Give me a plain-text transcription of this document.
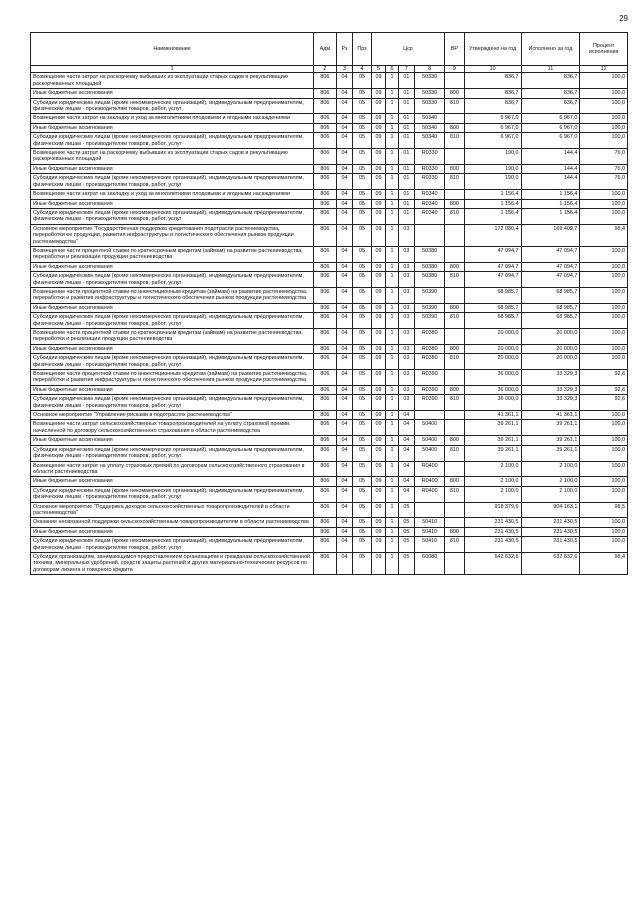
29
Наименование	Адм	Рз	Прз	Цср				ВР	Утверждено на год	Исполнено за год	Процент исполнения
1	2	3	4	5	6	7	8	9	10	11	12
Возмещение части затрат на раскорчевку выбывших из эксплуатации старых садов и рекультивацию раскорчеванных площадей	806	04	05	09	1	01	50330		836,7	836,7	100,0
Иные бюджетные ассигнования	806	04	05	09	1	01	50330	800	836,7	836,7	100,0
Субсидии юридическим лицам (кроме некоммерческих организаций), индивидуальным предпринимателям, физическим лицам - производителям товаров, работ, услуг	806	04	05	09	1	01	50330	810	836,7	836,7	100,0
Возмещение части затрат на закладку и уход за многолетними плодовыми и ягодными насаждениями	806	04	05	09	1	01	50340		6 967,0	6 967,0	100,0
Иные бюджетные ассигнования	806	04	05	09	1	01	50340	800	6 967,0	6 967,0	100,0
Субсидии юридическим лицам (кроме некоммерческих организаций), индивидуальным предпринимателям, физическим лицам - производителям товаров, работ, услуг	806	04	05	09	1	01	50340	810	6 967,0	6 967,0	100,0
Возмещение части затрат на раскорчевку выбывших из эксплуатации старых садов и рекультивацию раскорчеванных площадей	806	04	05	09	1	01	R0330		190,0	144,4	76,0
Иные бюджетные ассигнования	806	04	05	09	1	01	R0330	800	190,0	144,4	76,0
Субсидии юридическим лицам (кроме некоммерческих организаций), индивидуальным предпринимателям, физическим лицам - производителям товаров, работ, услуг	806	04	05	09	1	01	R0330	810	190,0	144,4	76,0
Возмещение части затрат на закладку и уход за многолетними плодовыми и ягодными насаждениями	806	04	05	09	1	01	R0340		1 156,4	1 156,4	100,0
Иные бюджетные ассигнования	806	04	05	09	1	01	R0340	800	1 156,4	1 156,4	100,0
Субсидии юридическим лицам (кроме некоммерческих организаций), индивидуальным предпринимателям, физическим лицам - производителям товаров, работ, услуг	806	04	05	09	1	01	R0340	810	1 156,4	1 156,4	100,0
Основное мероприятие "Государственная поддержка кредитования подотрасли растениеводства, переработки ее продукции, развития инфраструктуры и логистического обеспечения рынков продукции растениеводства"	806	04	05	09	1	03			172 080,4	169 409,7	98,4
Возмещение части процентной ставки по краткосрочным кредитам (займам) на развитие растениеводства, переработки и реализации продукции растениеводства	806	04	05	09	1	03	50380		47 094,7	47 094,7	100,0
Иные бюджетные ассигнования	806	04	05	09	1	03	50380	800	47 094,7	47 094,7	100,0
Субсидии юридическим лицам (кроме некоммерческих организаций), индивидуальным предпринимателям, физическим лицам - производителям товаров, работ, услуг	806	04	05	09	1	03	50380	810	47 094,7	47 094,7	100,0
Возмещение части процентной ставки по инвестиционным кредитам (займам) на развитие растениеводства, переработки и развития инфраструктуры и логистического обеспечения рынков продукции растениеводства	806	04	05	09	1	03	50390		68 985,7	68 985,7	100,0
Иные бюджетные ассигнования	806	04	05	09	1	03	50390	800	68 985,7	68 985,7	100,0
Субсидии юридическим лицам (кроме некоммерческих организаций), индивидуальным предпринимателям, физическим лицам - производителям товаров, работ, услуг	806	04	05	09	1	03	50390	810	68 985,7	68 985,7	100,0
Возмещение части процентной ставки по краткосрочным кредитам (займам) на развитие растениеводства, переработки и реализации продукции растениеводства	806	04	05	09	1	03	R0380		20 000,0	20 000,0	100,0
Иные бюджетные ассигнования	806	04	05	09	1	03	R0380	800	20 000,0	20 000,0	100,0
Субсидии юридическим лицам (кроме некоммерческих организаций), индивидуальным предпринимателям, физическим лицам - производителям товаров, работ, услуг	806	04	05	09	1	03	R0380	810	20 000,0	20 000,0	100,0
Возмещение части процентной ставки по инвестиционным кредитам (займам) на развитие растениеводства, переработки и развития инфраструктуры и логистического обеспечения рынков продукции растениеводства	806	04	05	09	1	03	R0390		36 000,0	33 329,3	92,6
Иные бюджетные ассигнования	806	04	05	09	1	03	R0390	800	36 000,0	33 329,3	92,6
Субсидии юридическим лицам (кроме некоммерческих организаций), индивидуальным предпринимателям, физическим лицам - производителям товаров, работ, услуг	806	04	05	09	1	03	R0390	810	36 000,0	33 329,3	92,6
Основное мероприятие "Управление рисками в подотраслях растениеводства"	806	04	05	09	1	04			41 361,1	41 361,1	100,0
Возмещение части затрат сельскохозяйственных товаропроизводителей на уплату страховой премии, начисленной по договору сельскохозяйственного страхования в области растениеводства	806	04	05	09	1	04	50400		39 261,1	39 261,1	100,0
Иные бюджетные ассигнования	806	04	05	09	1	04	50400	800	39 261,1	39 261,1	100,0
Субсидии юридическим лицам (кроме некоммерческих организаций), индивидуальным предпринимателям, физическим лицам - производителям товаров, работ, услуг	806	04	05	09	1	04	50400	810	39 261,1	39 261,1	100,0
Возмещение части затрат на уплату страховых премий по договорам сельскохозяйственного страхования в области растениеводства	806	04	05	09	1	04	R0400		2 100,0	2 100,0	100,0
Иные бюджетные ассигнования	806	04	05	09	1	04	R0400	800	2 100,0	2 100,0	100,0
Субсидии юридическим лицам (кроме некоммерческих организаций), индивидуальным предпринимателям, физическим лицам - производителям товаров, работ, услуг	806	04	05	09	1	04	R0400	810	2 100,0	2 100,0	100,0
Основное мероприятие "Поддержка доходов сельскохозяйственных товаропроизводителей в области растениеводства"	806	04	05	09	1	05			918 379,6	904 163,1	98,5
Оказание несвязанной поддержки сельскохозяйственным товаропроизводителям в области растениеводства	806	04	05	09	1	05	50410		231 430,5	231 430,5	100,0
Иные бюджетные ассигнования	806	04	05	09	1	05	50410	800	231 430,5	231 430,5	100,0
Субсидии юридическим лицам (кроме некоммерческих организаций), индивидуальным предпринимателям, физическим лицам - производителям товаров, работ, услуг	806	04	05	09	1	05	50410	810	231 430,5	231 430,5	100,0
Субсидии организациям, занимающимся предоставлением организациям и гражданам сельскохозяйственной техники, минеральных удобрений, средств защиты растений и других материально-технических ресурсов по договорам лизинга и товарного кредита	806	04	05	09	1	05	60080		642 632,6	632 632,6	98,4
